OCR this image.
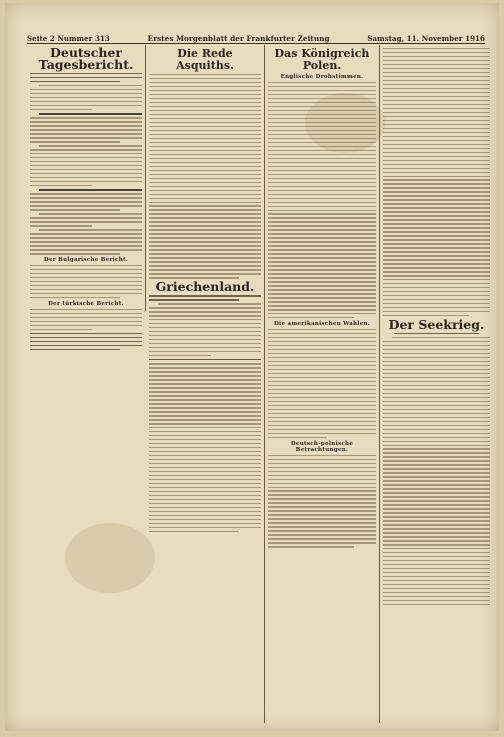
Seite 2 Nummer 313	Erstes Morgenblatt der Frankfurter Zeitung	Samstag, 11. November 1916
Deutscher Tagesbericht.
Der Bulgarische Bericht.
Der türkische Bericht.
Die Rede Asquiths.
Griechenland.
Das Königreich Polen.
Englische Drohstimmen.
Die amerikanischen Wahlen.
Deutsch-polnische Betrachtungen.
Der Seekrieg.
